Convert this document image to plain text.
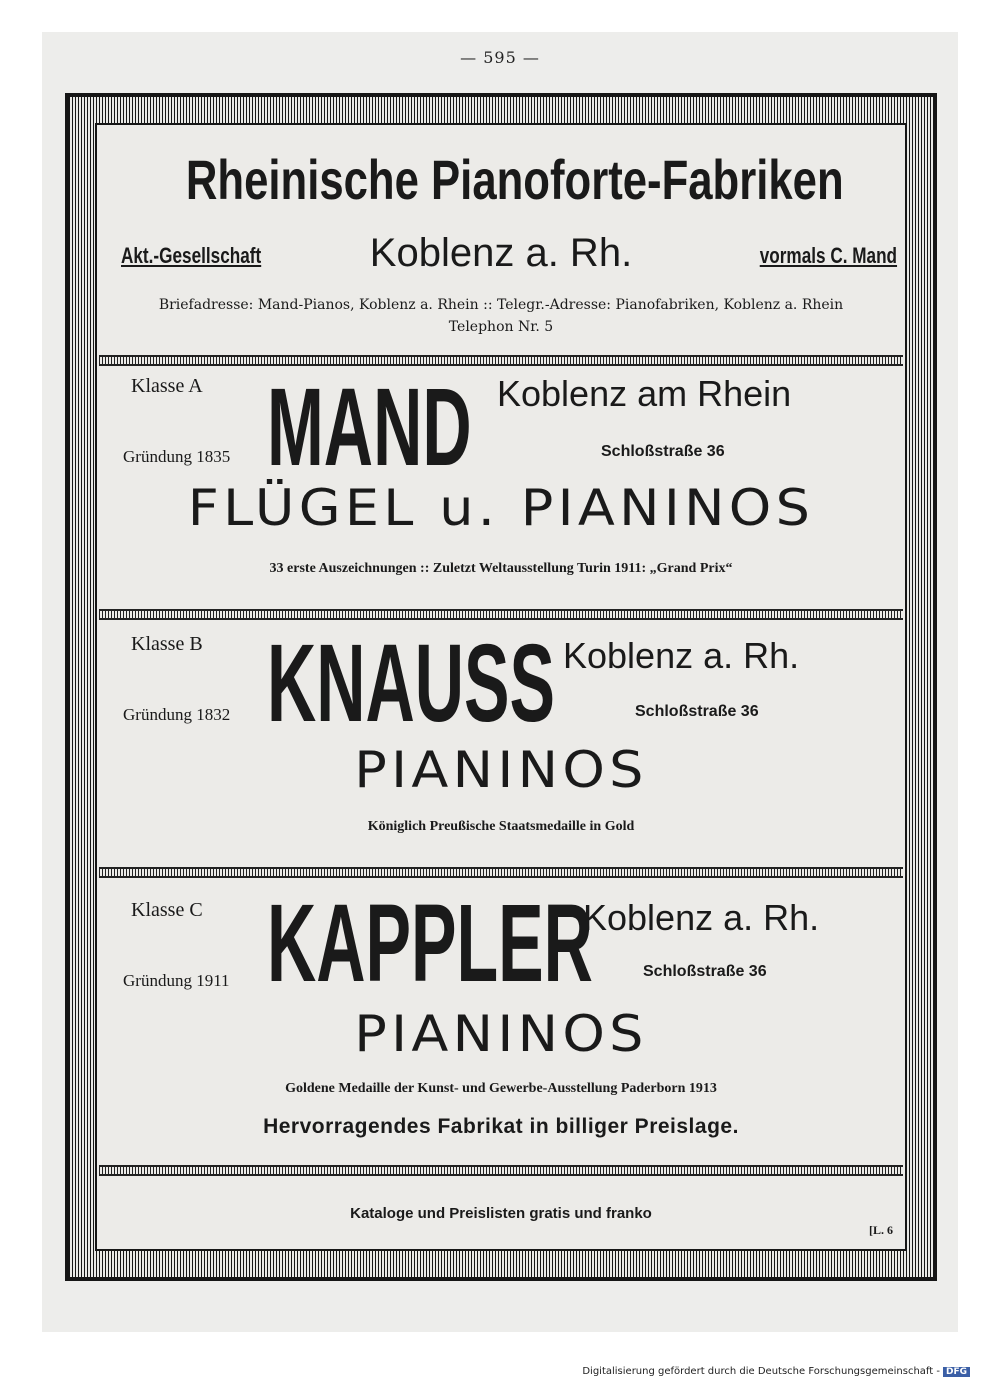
— 595 —
Rheinische Pianoforte-Fabriken
Akt.-Gesellschaft	Koblenz a. Rh.	vormals C. Mand
Briefadresse: Mand-Pianos, Koblenz a. Rhein :: Telegr.-Adresse: Pianofabriken, Koblenz a. Rhein
Telephon Nr. 5
Klasse A
Gründung 1835 MAND Koblenz am Rhein
Schloßstraße 36
FLÜGEL u. PIANINOS
33 erste Auszeichnungen :: Zuletzt Weltausstellung Turin 1911: „Grand Prix“
Klasse B
Gründung 1832 KNAUSS Koblenz a. Rh.
Schloßstraße 36
PIANINOS
Königlich Preußische Staatsmedaille in Gold
Klasse C
Gründung 1911 KAPPLER
Koblenz a. Rh.
Schloßstraße 36
PIANINOS
Goldene Medaille der Kunst- und Gewerbe-Ausstellung Paderborn 1913
Hervorragendes Fabrikat in billiger Preislage.
Kataloge und Preislisten gratis und franko
[L. 6
Digitalisierung gefördert durch die Deutsche Forschungsgemeinschaft - DFG
